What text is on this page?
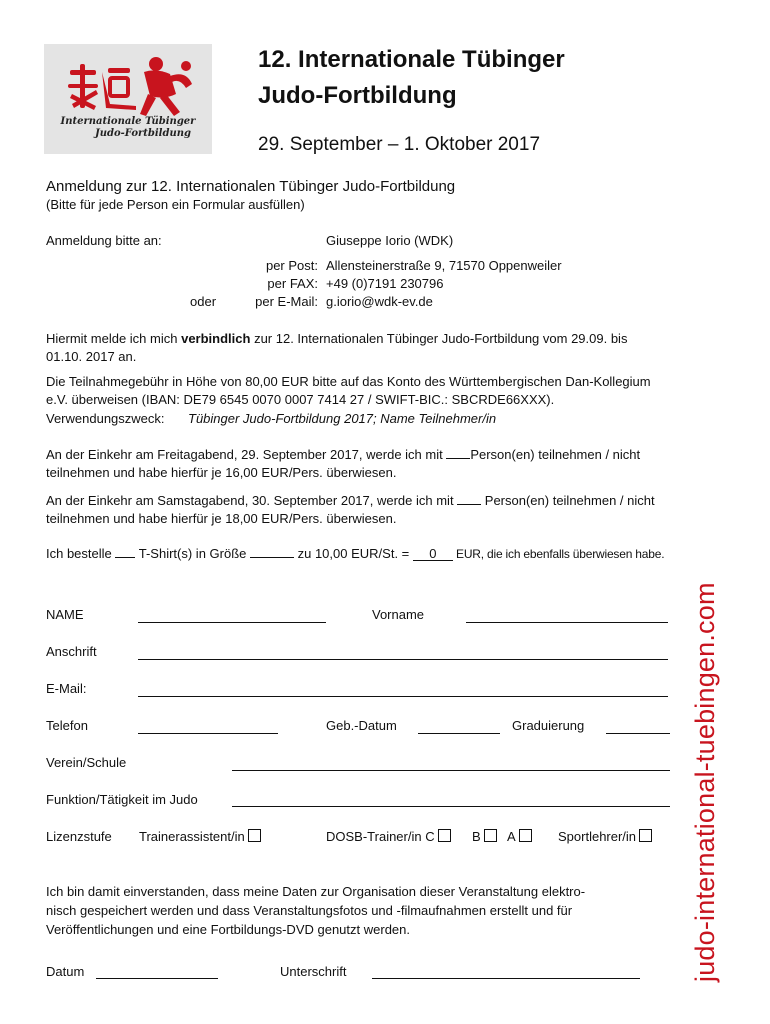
Internationale Tübinger
Judo-Fortbildung
12. Internationale Tübinger
Judo-Fortbildung
29. September – 1. Oktober 2017
Anmeldung zur 12. Internationalen Tübinger Judo-Fortbildung
(Bitte für jede Person ein Formular ausfüllen)
Anmeldung bitte an:	Giuseppe Iorio (WDK)
per Post: Allensteinerstraße 9, 71570 Oppenweiler
per FAX: +49 (0)7191 230796
oder	per E-Mail: g.iorio@wdk-ev.de
Hiermit melde ich mich verbindlich zur 12. Internationalen Tübinger Judo-Fortbildung vom 29.09. bis
01.10. 2017 an.
Die Teilnahmegebühr in Höhe von 80,00 EUR bitte auf das Konto des Württembergischen Dan-Kollegium
e.V. überweisen (IBAN: DE79 6545 0070 0007 7414 27 / SWIFT-BIC.: SBCRDE66XXX).
Verwendungszweck: Tübinger Judo-Fortbildung 2017; Name Teilnehmer/in
An der Einkehr am Freitagabend, 29. September 2017, werde ich mit Person(en) teilnehmen / nicht
teilnehmen und habe hierfür je 16,00 EUR/Pers. überwiesen.
An der Einkehr am Samstagabend, 30. September 2017, werde ich mit  Person(en) teilnehmen / nicht
teilnehmen und habe hierfür je 18,00 EUR/Pers. überwiesen.
Ich bestelle  T-Shirt(s) in Größe	zu 10,00 EUR/St. = 0 EUR, die ich ebenfalls überwiesen habe.
NAME	Vorname
Anschrift
E-Mail:
Telefon	Geb.-Datum	Graduierung
Verein/Schule
Funktion/Tätigkeit im Judo
Lizenzstufe Trainerassistent/in	DOSB-Trainer/in C	B	A	Sportlehrer/in
Ich bin damit einverstanden, dass meine Daten zur Organisation dieser Veranstaltung elektro-
nisch gespeichert werden und dass Veranstaltungsfotos und -filmaufnahmen erstellt und für
Veröffentlichungen und eine Fortbildungs-DVD genutzt werden.
Datum	Unterschrift	judo-international-tuebingen.com
